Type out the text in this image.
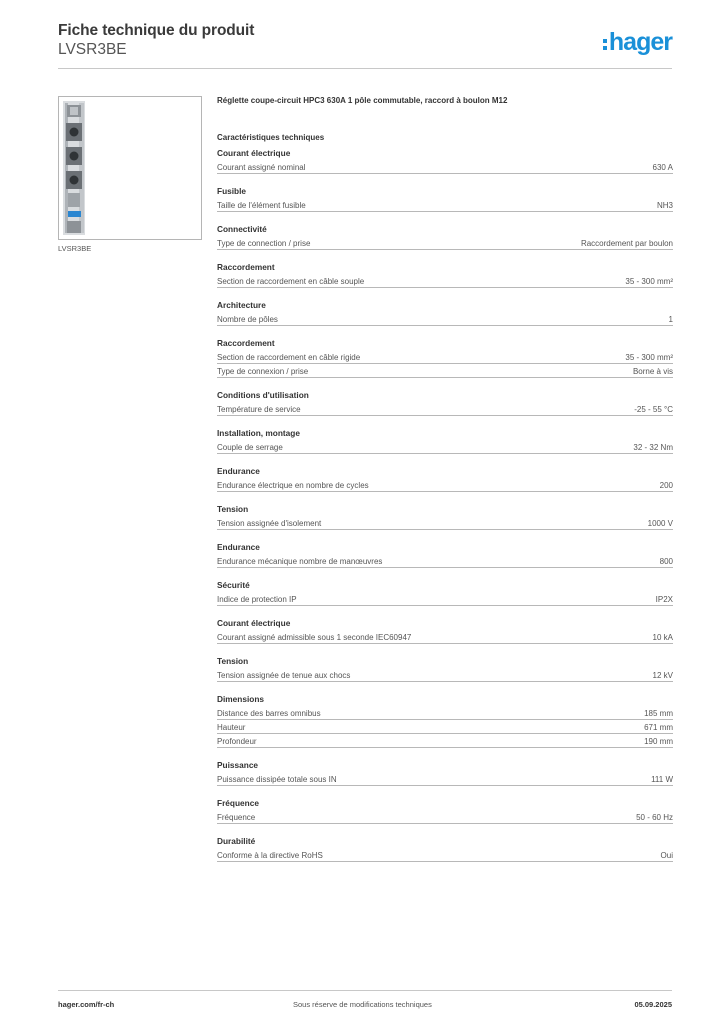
Fiche technique du produit
LVSR3BE	hager
LVSR3BE
Réglette coupe-circuit HPC3 630A 1 pôle commutable, raccord à boulon M12
Caractéristiques techniques
Courant électrique
Courant assigné nominal	630 A
Fusible
Taille de l'élément fusible	NH3
Connectivité
Type de connection / prise	Raccordement par boulon
Raccordement
Section de raccordement en câble souple	35 - 300 mm²
Architecture
Nombre de pôles	1
Raccordement
Section de raccordement en câble rigide	35 - 300 mm²
Type de connexion / prise	Borne à vis
Conditions d'utilisation
Température de service	-25 - 55 °C
Installation, montage
Couple de serrage	32 - 32 Nm
Endurance
Endurance électrique en nombre de cycles	200
Tension
Tension assignée d'isolement	1000 V
Endurance
Endurance mécanique nombre de manœuvres	800
Sécurité
Indice de protection IP	IP2X
Courant électrique
Courant assigné admissible sous 1 seconde IEC60947	10 kA
Tension
Tension assignée de tenue aux chocs	12 kV
Dimensions
Distance des barres omnibus	185 mm
Hauteur	671 mm
Profondeur	190 mm
Puissance
Puissance dissipée totale sous IN	111 W
Fréquence
Fréquence	50 - 60 Hz
Durabilité
Conforme à la directive RoHS	Oui
hager.com/fr-ch	Sous réserve de modifications techniques	05.09.2025
